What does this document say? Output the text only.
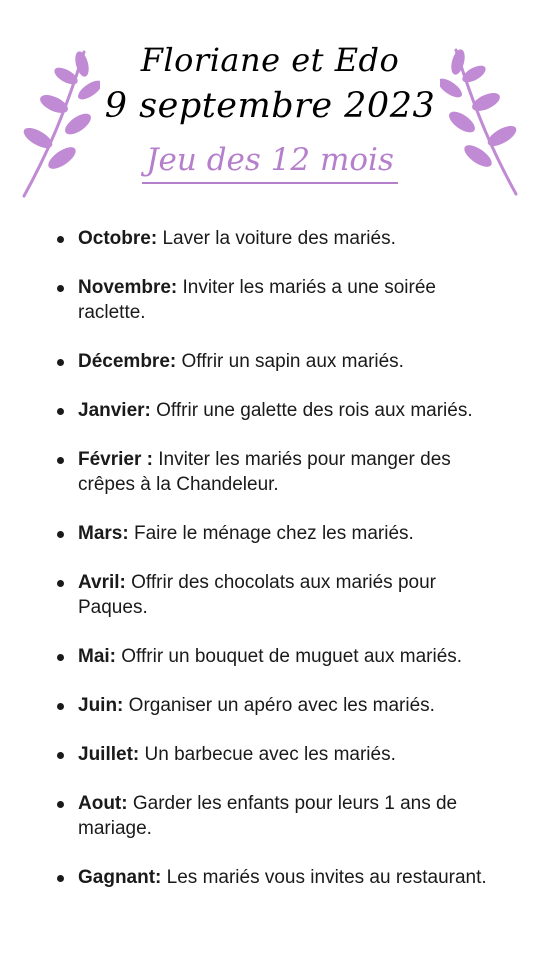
Floriane et Edo
9 septembre 2023
Jeu des 12 mois
Octobre: Laver la voiture des mariés.
Novembre: Inviter les mariés a une soirée raclette.
Décembre: Offrir un sapin aux mariés.
Janvier: Offrir une galette des rois aux mariés.
Février : Inviter les mariés pour manger des crêpes à la Chandeleur.
Mars: Faire le ménage chez les mariés.
Avril: Offrir des chocolats aux mariés pour Paques.
Mai: Offrir un bouquet de muguet aux mariés.
Juin: Organiser un apéro avec les mariés.
Juillet: Un barbecue avec les mariés.
Aout: Garder les enfants pour leurs 1 ans de mariage.
Gagnant: Les mariés vous invites au restaurant.
